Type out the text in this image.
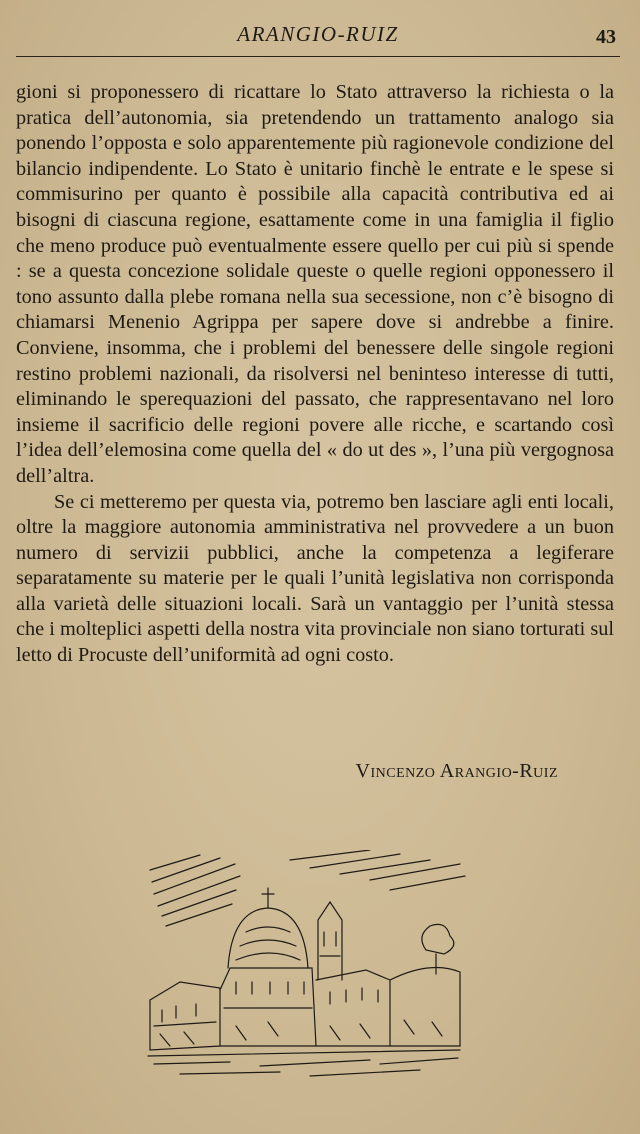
ARANGIO-RUIZ	43

gioni si proponessero di ricattare lo Stato attraverso la richiesta o la pratica dell’autonomia, sia pretendendo un trattamento analogo sia ponendo l’opposta e solo apparentemente più ragionevole condizione del bilancio indipendente. Lo Stato è unitario finchè le entrate e le spese si commisurino per quanto è possibile alla capacità contributiva ed ai bisogni di ciascuna regione, esattamente come in una famiglia il figlio che meno produce può eventualmente essere quello per cui più si spende : se a questa concezione solidale queste o quelle regioni opponessero il tono assunto dalla plebe romana nella sua secessione, non c’è bisogno di chiamarsi Menenio Agrippa per sapere dove si andrebbe a finire. Conviene, insomma, che i problemi del benessere delle singole regioni restino problemi nazionali, da risolversi nel beninteso interesse di tutti, eliminando le sperequazioni del passato, che rappresentavano nel loro insieme il sacrificio delle regioni povere alle ricche, e scartando così l’idea dell’elemosina come quella del « do ut des », l’una più vergognosa dell’altra.

Se ci metteremo per questa via, potremo ben lasciare agli enti locali, oltre la maggiore autonomia amministrativa nel provvedere a un buon numero di servizii pubblici, anche la competenza a legiferare separatamente su materie per le quali l’unità legislativa non corrisponda alla varietà delle situazioni locali. Sarà un vantaggio per l’unità stessa che i molteplici aspetti della nostra vita provinciale non siano torturati sul letto di Procuste dell’uniformità ad ogni costo.

Vincenzo Arangio-Ruiz
